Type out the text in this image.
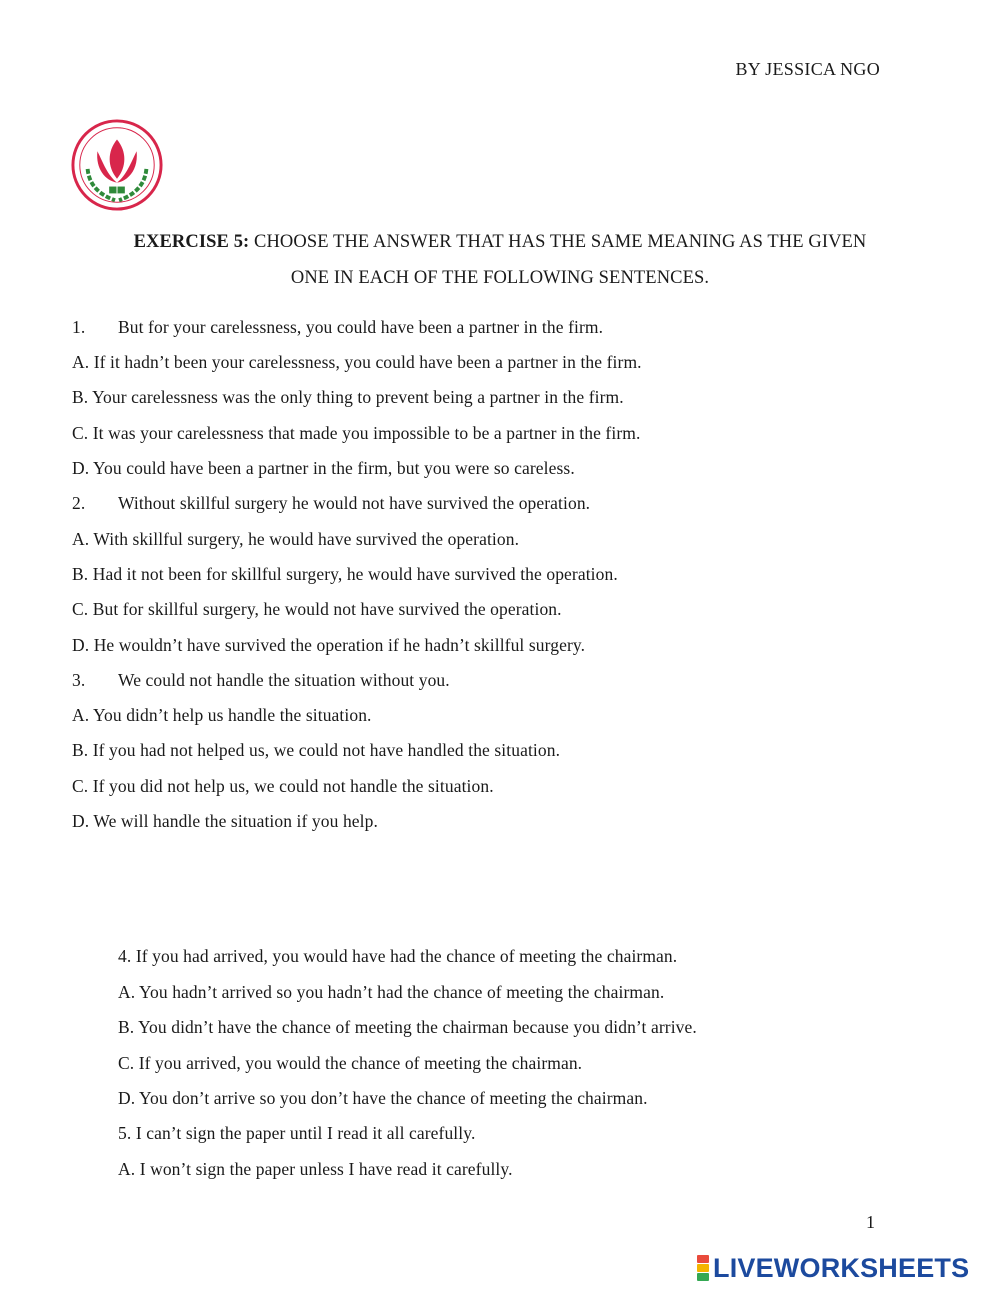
BY JESSICA NGO
EXERCISE 5: CHOOSE THE ANSWER THAT HAS THE SAME MEANING AS THE GIVEN
ONE IN EACH OF THE FOLLOWING SENTENCES.
1. But for your carelessness, you could have been a partner in the firm.
A. If it hadn’t been your carelessness, you could have been a partner in the firm.
B. Your carelessness was the only thing to prevent being a partner in the firm.
C. It was your carelessness that made you impossible to be a partner in the firm.
D. You could have been a partner in the firm, but you were so careless.
2. Without skillful surgery he would not have survived the operation.
A. With skillful surgery, he would have survived the operation.
B. Had it not been for skillful surgery, he would have survived the operation.
C. But for skillful surgery, he would not have survived the operation.
D. He wouldn’t have survived the operation if he hadn’t skillful surgery.
3. We could not handle the situation without you.
A. You didn’t help us handle the situation.
B. If you had not helped us, we could not have handled the situation.
C. If you did not help us, we could not handle the situation.
D. We will handle the situation if you help.
4. If you had arrived, you would have had the chance of meeting the chairman.
A. You hadn’t arrived so you hadn’t had the chance of meeting the chairman.
B. You didn’t have the chance of meeting the chairman because you didn’t arrive.
C. If you arrived, you would the chance of meeting the chairman.
D. You don’t arrive so you don’t have the chance of meeting the chairman.
5. I can’t sign the paper until I read it all carefully.
A. I won’t sign the paper unless I have read it carefully.
1
LIVEWORKSHEETS
